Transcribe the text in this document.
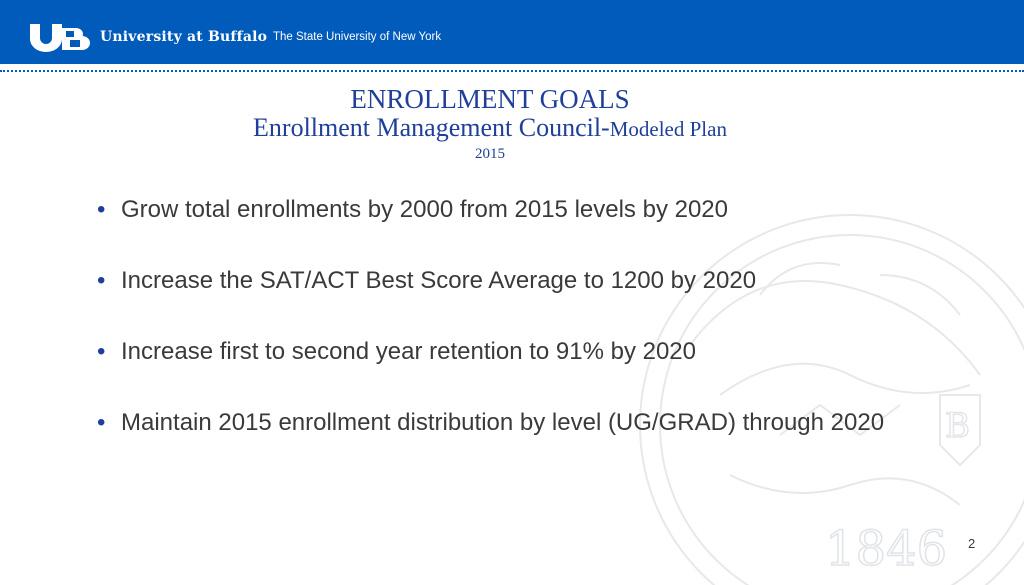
University at Buffalo The State University of New York
B
1846
ENROLLMENT GOALS
Enrollment Management Council-Modeled Plan
2015
• Grow total enrollments by 2000 from 2015 levels by 2020
• Increase the SAT/ACT Best Score Average to 1200 by 2020
• Increase first to second year retention to 91% by 2020
• Maintain 2015 enrollment distribution by level (UG/GRAD) through 2020
2
